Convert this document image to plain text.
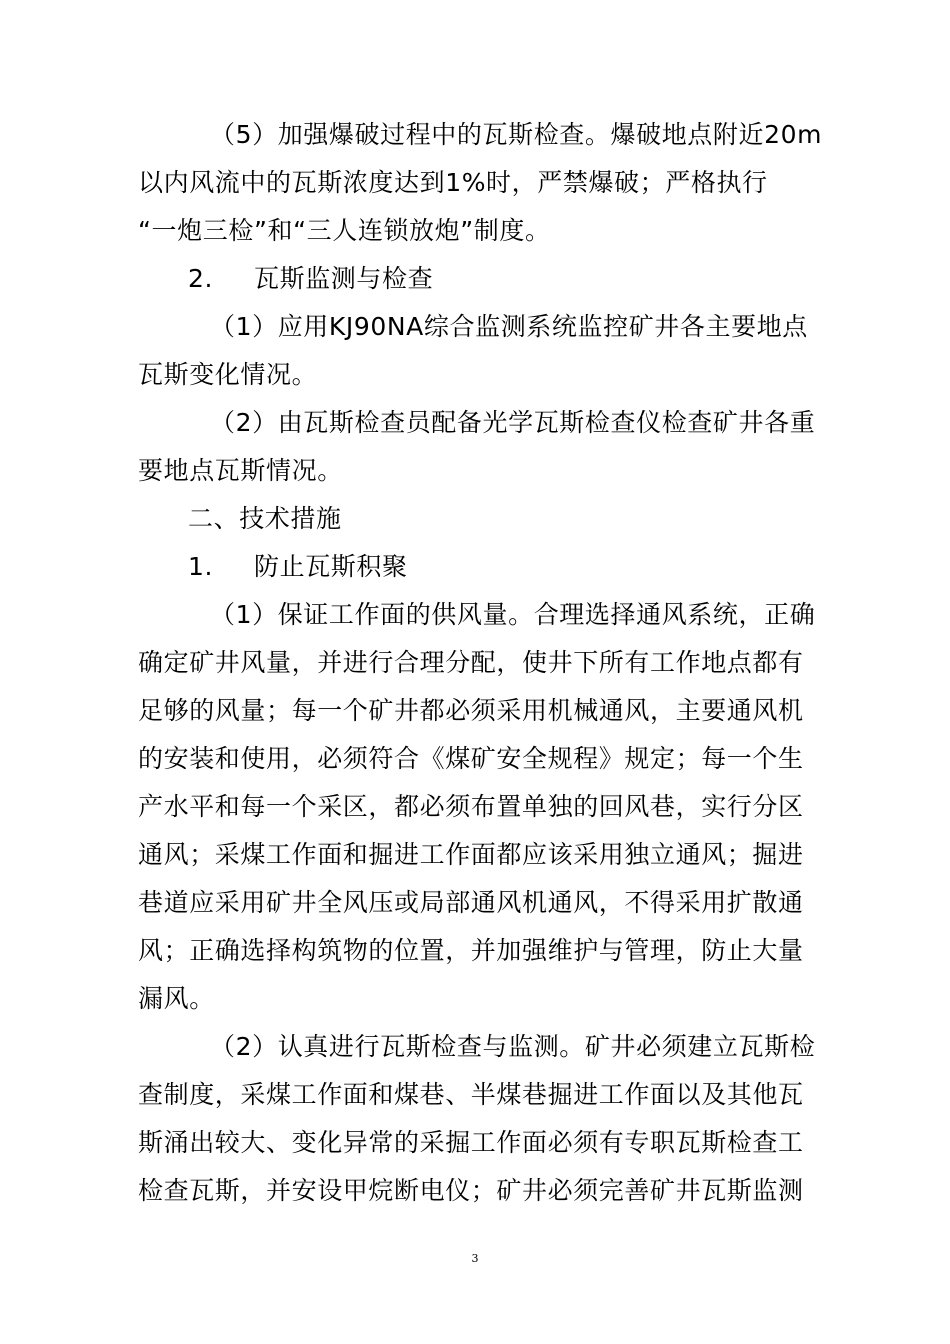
（5）加强爆破过程中的瓦斯检查。爆破地点附近20m
以内风流中的瓦斯浓度达到1%时，严禁爆破；严格执行
“一炮三检”和“三人连锁放炮”制度。
2. 瓦斯监测与检查
（1）应用KJ90NA综合监测系统监控矿井各主要地点
瓦斯变化情况。
（2）由瓦斯检查员配备光学瓦斯检查仪检查矿井各重
要地点瓦斯情况。
二、技术措施
1. 防止瓦斯积聚
（1）保证工作面的供风量。合理选择通风系统，正确
确定矿井风量，并进行合理分配，使井下所有工作地点都有
足够的风量；每一个矿井都必须采用机械通风，主要通风机
的安装和使用，必须符合《煤矿安全规程》规定；每一个生
产水平和每一个采区，都必须布置单独的回风巷，实行分区
通风；采煤工作面和掘进工作面都应该采用独立通风；掘进
巷道应采用矿井全风压或局部通风机通风，不得采用扩散通
风；正确选择构筑物的位置，并加强维护与管理，防止大量
漏风。
（2）认真进行瓦斯检查与监测。矿井必须建立瓦斯检
查制度，采煤工作面和煤巷、半煤巷掘进工作面以及其他瓦
斯涌出较大、变化异常的采掘工作面必须有专职瓦斯检查工
检查瓦斯，并安设甲烷断电仪；矿井必须完善矿井瓦斯监测
3
